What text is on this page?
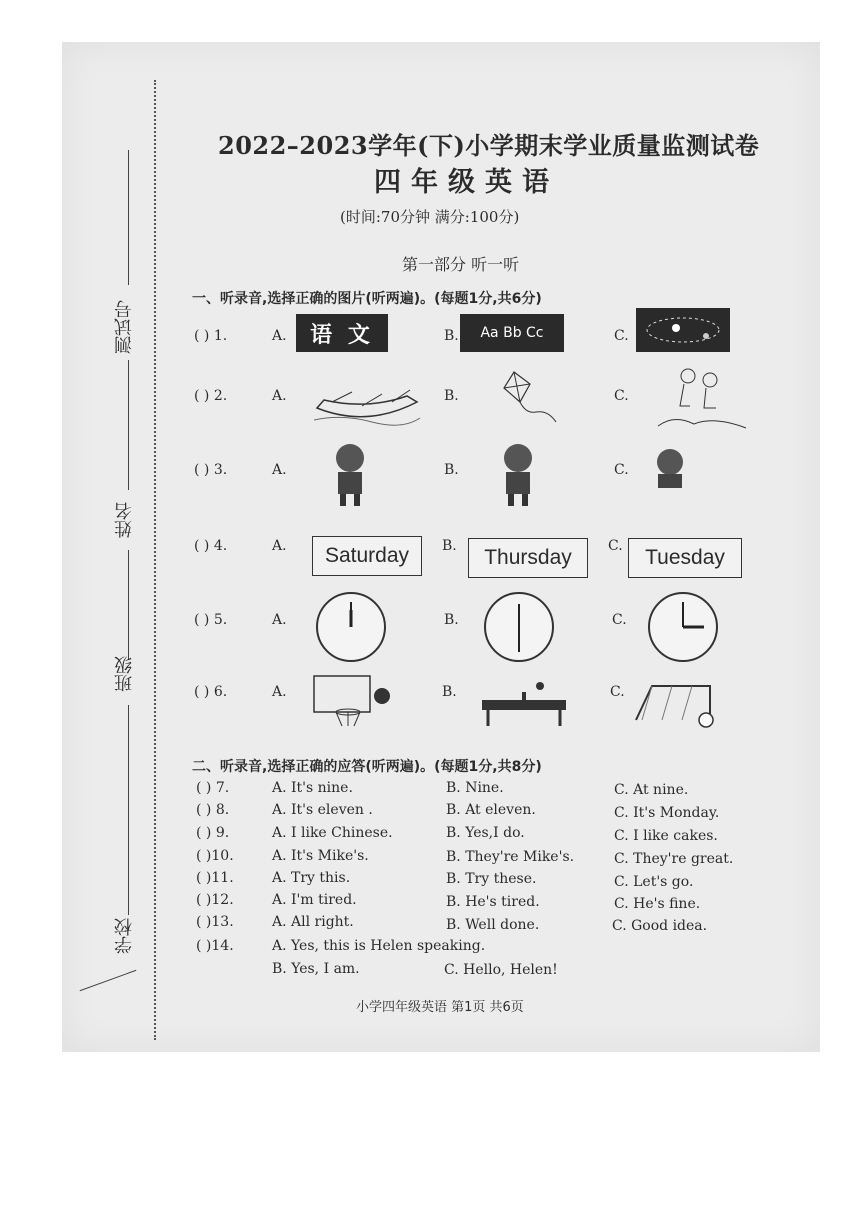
测试号
姓名
班级
学校
2022–2023学年(下)小学期末学业质量监测试卷
四年级英语
(时间:70分钟 满分:100分)
第一部分 听一听
一、听录音,选择正确的图片(听两遍)。(每题1分,共6分)
( ) 1.	A.	语 文	B.	Aa Bb Cc	C.
( ) 2.	A.	B.	C.
( ) 3.	A.	B.	C.
( ) 4.	A.	Saturday	B.	Thursday	C.	Tuesday
( ) 5.	A.	B.	C.
( ) 6.	A.	B.	C.
二、听录音,选择正确的应答(听两遍)。(每题1分,共8分)
( ) 7.	A. It's nine.	B. Nine.	C. At nine.
( ) 8.	A. It's eleven .	B. At eleven.	C. It's Monday.
( ) 9.	A. I like Chinese.	B. Yes,I do.	C. I like cakes.
( )10.	A. It's Mike's.	B. They're Mike's.	C. They're great.
( )11.	A. Try this.	B. Try these.	C. Let's go.
( )12.	A. I'm tired.	B. He's tired.	C. He's fine.
( )13.	A. All right.	B. Well done.	C. Good idea.
( )14.	A. Yes, this is Helen speaking.
B. Yes, I am.	C. Hello, Helen!
小学四年级英语 第1页 共6页
